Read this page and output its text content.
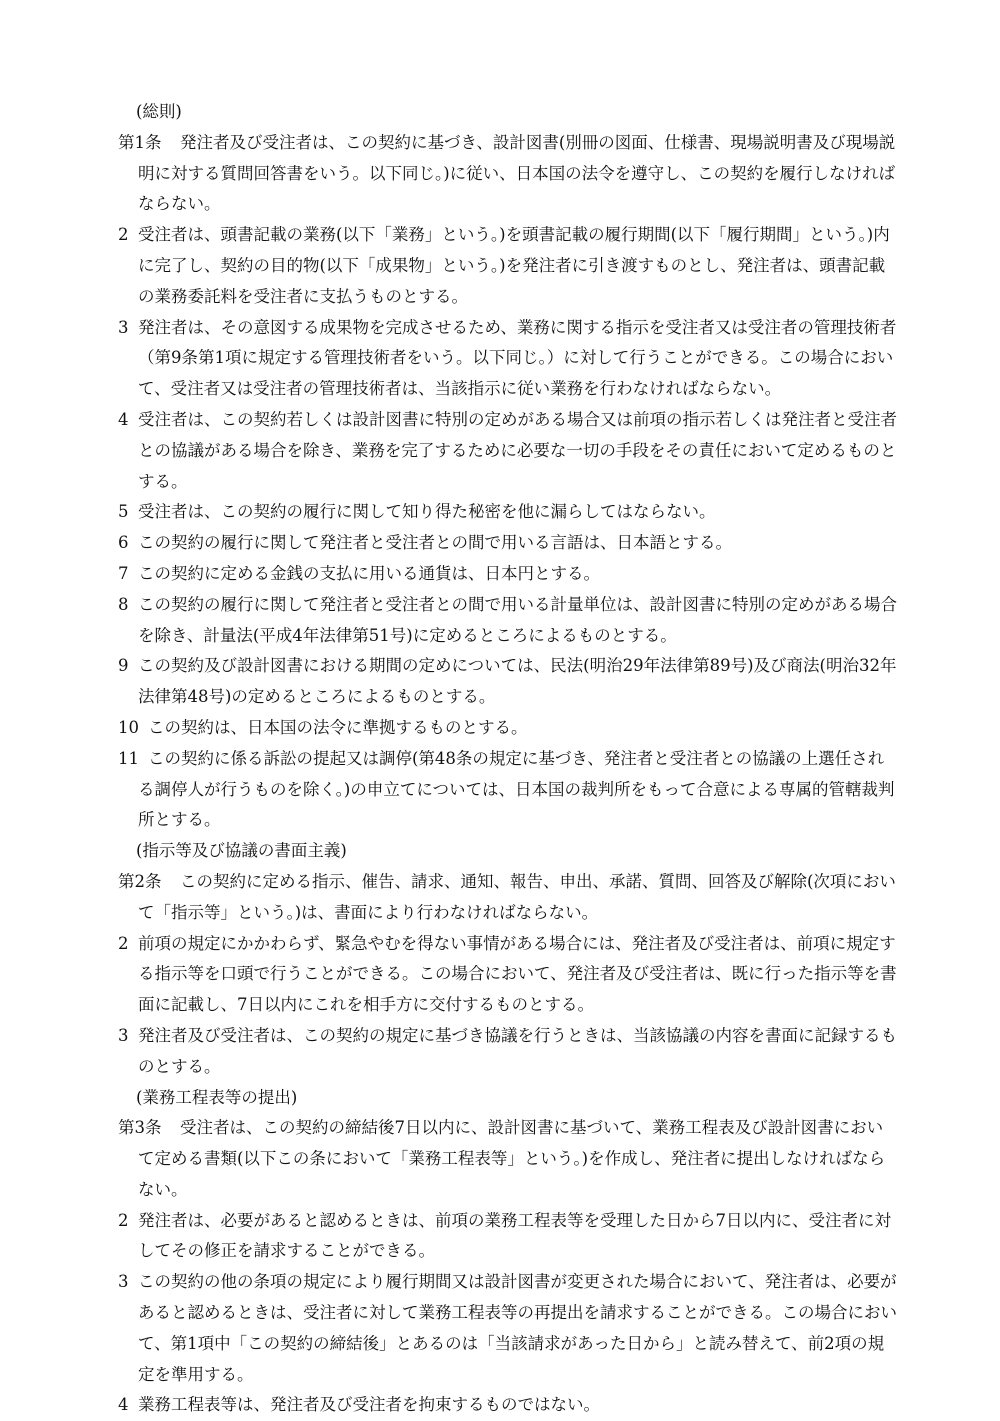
(総則)
第1条 発注者及び受注者は、この契約に基づき、設計図書(別冊の図面、仕様書、現場説明書及び現場説明に対する質問回答書をいう。以下同じ。)に従い、日本国の法令を遵守し、この契約を履行しなければならない。
2 受注者は、頭書記載の業務(以下「業務」という。)を頭書記載の履行期間(以下「履行期間」という。)内に完了し、契約の目的物(以下「成果物」という。)を発注者に引き渡すものとし、発注者は、頭書記載の業務委託料を受注者に支払うものとする。
3 発注者は、その意図する成果物を完成させるため、業務に関する指示を受注者又は受注者の管理技術者（第9条第1項に規定する管理技術者をいう。以下同じ。）に対して行うことができる。この場合において、受注者又は受注者の管理技術者は、当該指示に従い業務を行わなければならない。
4 受注者は、この契約若しくは設計図書に特別の定めがある場合又は前項の指示若しくは発注者と受注者との協議がある場合を除き、業務を完了するために必要な一切の手段をその責任において定めるものとする。
5 受注者は、この契約の履行に関して知り得た秘密を他に漏らしてはならない。
6 この契約の履行に関して発注者と受注者との間で用いる言語は、日本語とする。
7 この契約に定める金銭の支払に用いる通貨は、日本円とする。
8 この契約の履行に関して発注者と受注者との間で用いる計量単位は、設計図書に特別の定めがある場合を除き、計量法(平成4年法律第51号)に定めるところによるものとする。
9 この契約及び設計図書における期間の定めについては、民法(明治29年法律第89号)及び商法(明治32年法律第48号)の定めるところによるものとする。
10 この契約は、日本国の法令に準拠するものとする。
11 この契約に係る訴訟の提起又は調停(第48条の規定に基づき、発注者と受注者との協議の上選任される調停人が行うものを除く。)の申立てについては、日本国の裁判所をもって合意による専属的管轄裁判所とする。
(指示等及び協議の書面主義)
第2条 この契約に定める指示、催告、請求、通知、報告、申出、承諾、質問、回答及び解除(次項において「指示等」という。)は、書面により行わなければならない。
2 前項の規定にかかわらず、緊急やむを得ない事情がある場合には、発注者及び受注者は、前項に規定する指示等を口頭で行うことができる。この場合において、発注者及び受注者は、既に行った指示等を書面に記載し、7日以内にこれを相手方に交付するものとする。
3 発注者及び受注者は、この契約の規定に基づき協議を行うときは、当該協議の内容を書面に記録するものとする。
(業務工程表等の提出)
第3条 受注者は、この契約の締結後7日以内に、設計図書に基づいて、業務工程表及び設計図書において定める書類(以下この条において「業務工程表等」という。)を作成し、発注者に提出しなければならない。
2 発注者は、必要があると認めるときは、前項の業務工程表等を受理した日から7日以内に、受注者に対してその修正を請求することができる。
3 この契約の他の条項の規定により履行期間又は設計図書が変更された場合において、発注者は、必要があると認めるときは、受注者に対して業務工程表等の再提出を請求することができる。この場合において、第1項中「この契約の締結後」とあるのは「当該請求があった日から」と読み替えて、前2項の規定を準用する。
4 業務工程表等は、発注者及び受注者を拘束するものではない。
